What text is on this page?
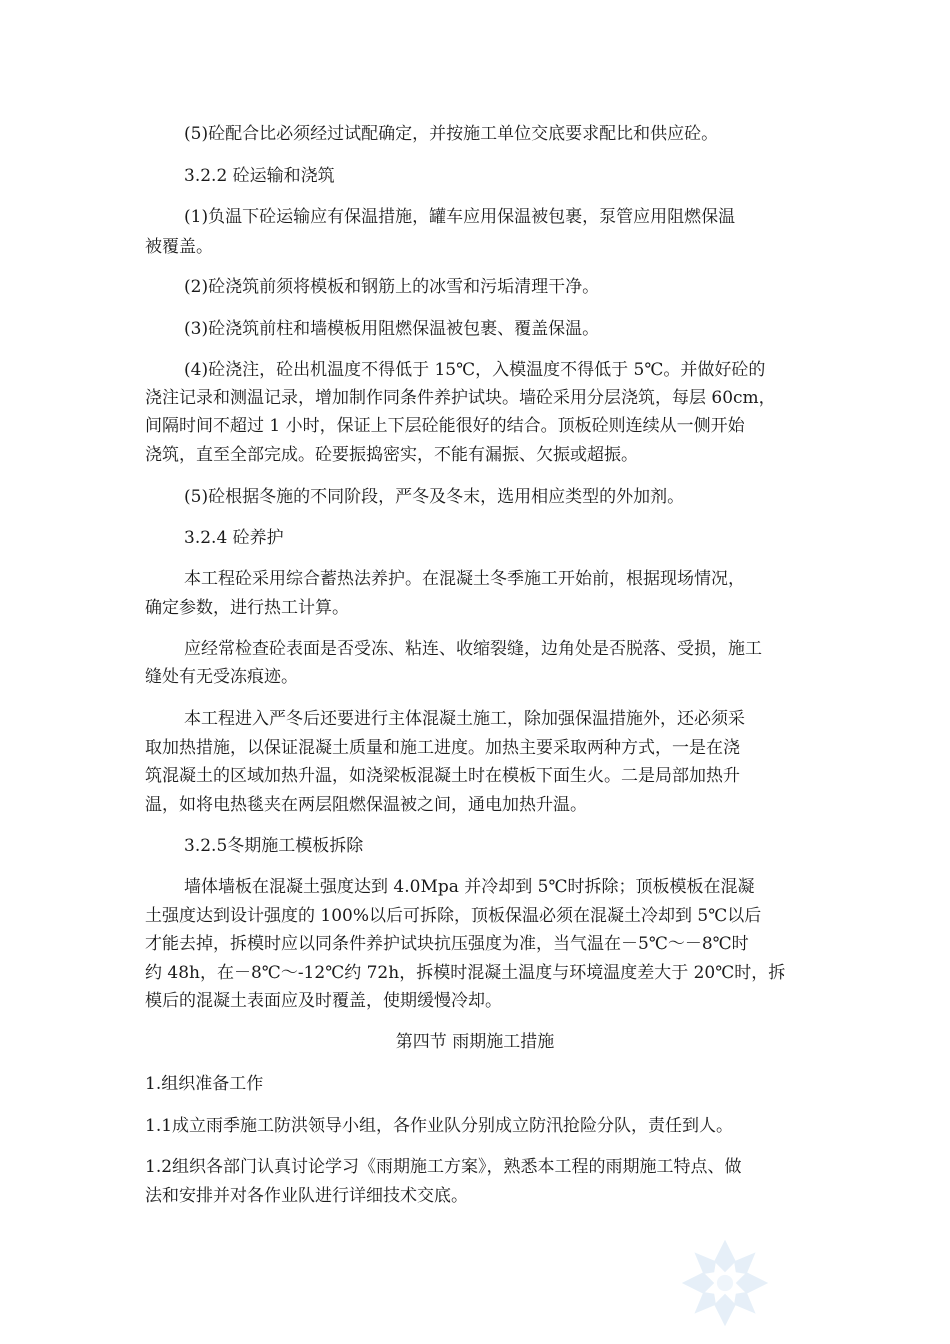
(5)砼配合比必须经过试配确定，并按施工单位交底要求配比和供应砼。
3.2.2 砼运输和浇筑
(1)负温下砼运输应有保温措施，罐车应用保温被包裹，泵管应用阻燃保温
被覆盖。
(2)砼浇筑前须将模板和钢筋上的冰雪和污垢清理干净。
(3)砼浇筑前柱和墙模板用阻燃保温被包裹、覆盖保温。
(4)砼浇注，砼出机温度不得低于 15℃，入模温度不得低于 5℃。并做好砼的
浇注记录和测温记录，增加制作同条件养护试块。墙砼采用分层浇筑，每层 60cm，
间隔时间不超过 1 小时，保证上下层砼能很好的结合。顶板砼则连续从一侧开始
浇筑，直至全部完成。砼要振捣密实，不能有漏振、欠振或超振。
(5)砼根据冬施的不同阶段，严冬及冬末，选用相应类型的外加剂。
3.2.4 砼养护
本工程砼采用综合蓄热法养护。在混凝土冬季施工开始前，根据现场情况，
确定参数，进行热工计算。
应经常检查砼表面是否受冻、粘连、收缩裂缝，边角处是否脱落、受损，施工
缝处有无受冻痕迹。
本工程进入严冬后还要进行主体混凝土施工，除加强保温措施外，还必须采
取加热措施，以保证混凝土质量和施工进度。加热主要采取两种方式，一是在浇
筑混凝土的区域加热升温，如浇梁板混凝土时在模板下面生火。二是局部加热升
温，如将电热毯夹在两层阻燃保温被之间，通电加热升温。
3.2.5冬期施工模板拆除
墙体墙板在混凝土强度达到 4.0Mpa 并冷却到 5℃时拆除；顶板模板在混凝
土强度达到设计强度的 100%以后可拆除，顶板保温必须在混凝土冷却到 5℃以后
才能去掉，拆模时应以同条件养护试块抗压强度为准，当气温在－5℃～－8℃时
约 48h，在－8℃～-12℃约 72h，拆模时混凝土温度与环境温度差大于 20℃时，拆
模后的混凝土表面应及时覆盖，使期缓慢冷却。
第四节 雨期施工措施
1.组织准备工作
1.1成立雨季施工防洪领导小组，各作业队分别成立防汛抢险分队，责任到人。
1.2组织各部门认真讨论学习《雨期施工方案》，熟悉本工程的雨期施工特点、做
法和安排并对各作业队进行详细技术交底。
